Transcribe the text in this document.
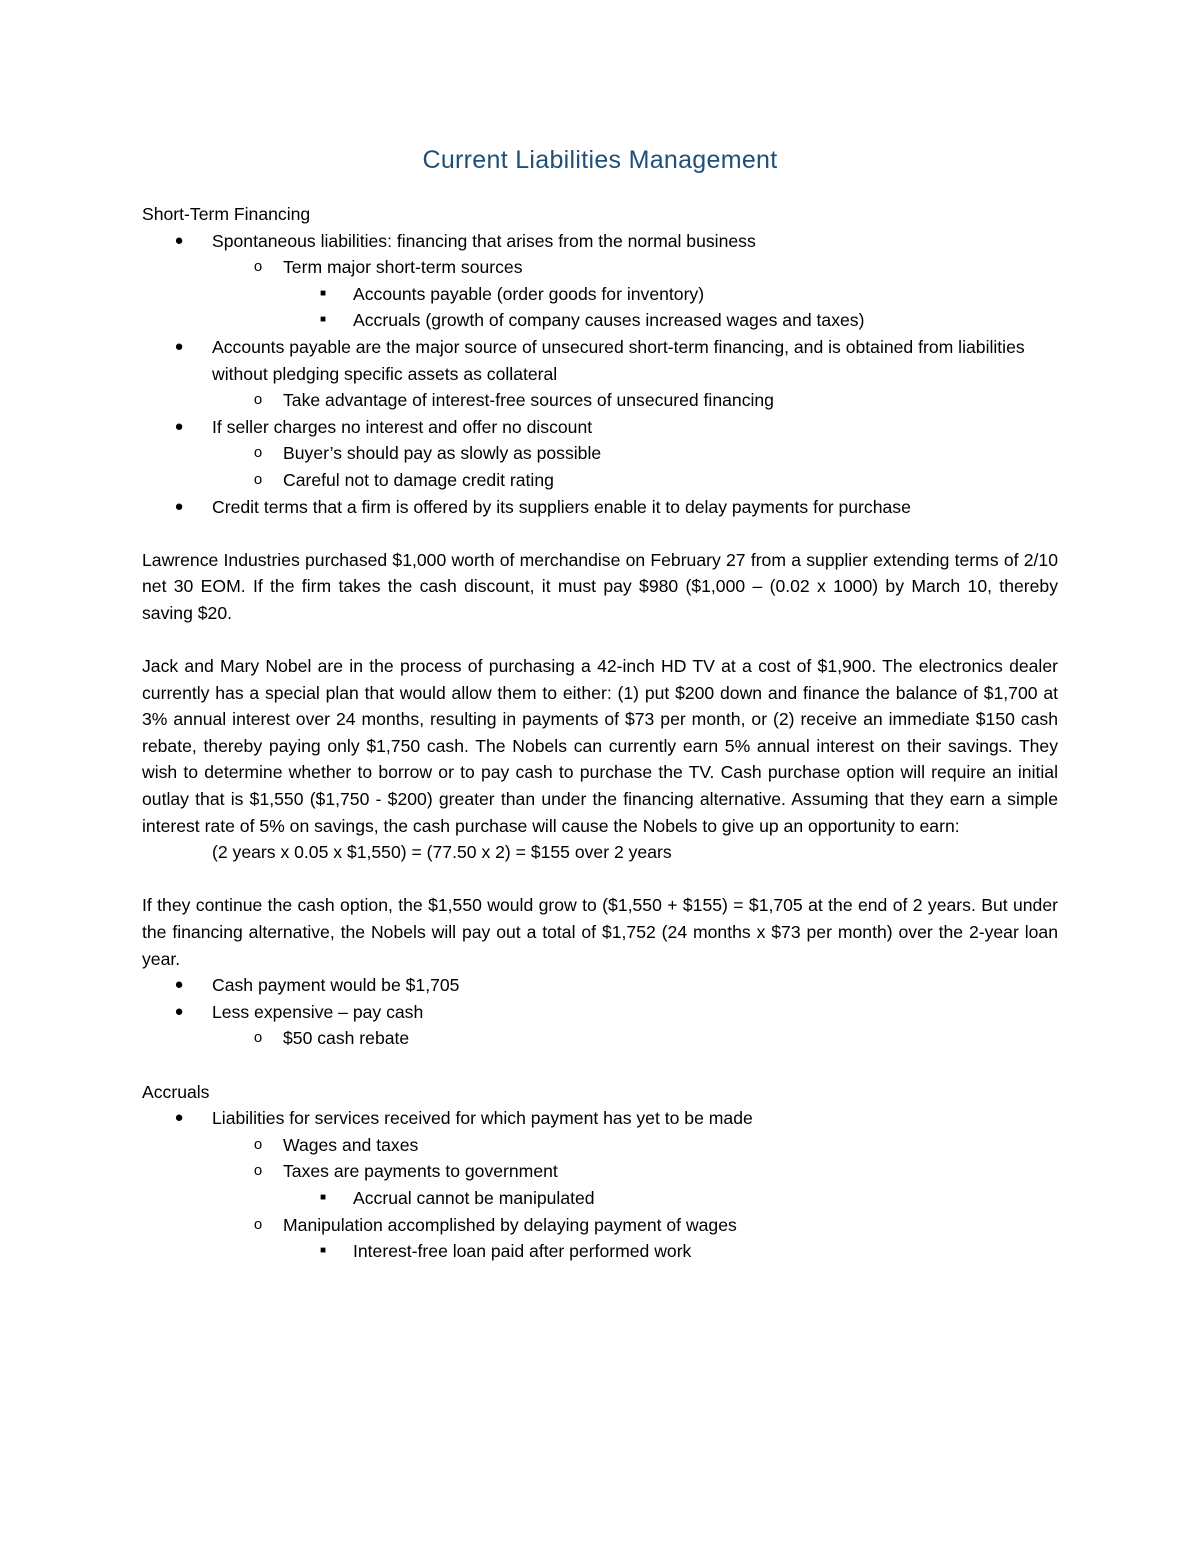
Current Liabilities Management

Short-Term Financing

●	Spontaneous liabilities: financing that arises from the normal business
o	Term major short-term sources
■	Accounts payable (order goods for inventory)
■	Accruals (growth of company causes increased wages and taxes)
●	Accounts payable are the major source of unsecured short-term financing, and is obtained from liabilities without pledging specific assets as collateral
o	Take advantage of interest-free sources of unsecured financing
●	If seller charges no interest and offer no discount
o	Buyer’s should pay as slowly as possible
o	Careful not to damage credit rating
●	Credit terms that a firm is offered by its suppliers enable it to delay payments for purchase

Lawrence Industries purchased $1,000 worth of merchandise on February 27 from a supplier extending terms of 2/10 net 30 EOM. If the firm takes the cash discount, it must pay $980 ($1,000 – (0.02 x 1000) by March 10, thereby saving $20.

Jack and Mary Nobel are in the process of purchasing a 42-inch HD TV at a cost of $1,900. The electronics dealer currently has a special plan that would allow them to either: (1) put $200 down and finance the balance of $1,700 at 3% annual interest over 24 months, resulting in payments of $73 per month, or (2) receive an immediate $150 cash rebate, thereby paying only $1,750 cash. The Nobels can currently earn 5% annual interest on their savings. They wish to determine whether to borrow or to pay cash to purchase the TV. Cash purchase option will require an initial outlay that is $1,550 ($1,750 - $200) greater than under the financing alternative. Assuming that they earn a simple interest rate of 5% on savings, the cash purchase will cause the Nobels to give up an opportunity to earn:

(2 years x 0.05 x $1,550) = (77.50 x 2) = $155 over 2 years

If they continue the cash option, the $1,550 would grow to ($1,550 + $155) = $1,705 at the end of 2 years. But under the financing alternative, the Nobels will pay out a total of $1,752 (24 months x $73 per month) over the 2-year loan year.

●	Cash payment would be $1,705
●	Less expensive – pay cash
o	$50 cash rebate

Accruals

●	Liabilities for services received for which payment has yet to be made
o	Wages and taxes
o	Taxes are payments to government
■	Accrual cannot be manipulated
o	Manipulation accomplished by delaying payment of wages
■	Interest-free loan paid after performed work
